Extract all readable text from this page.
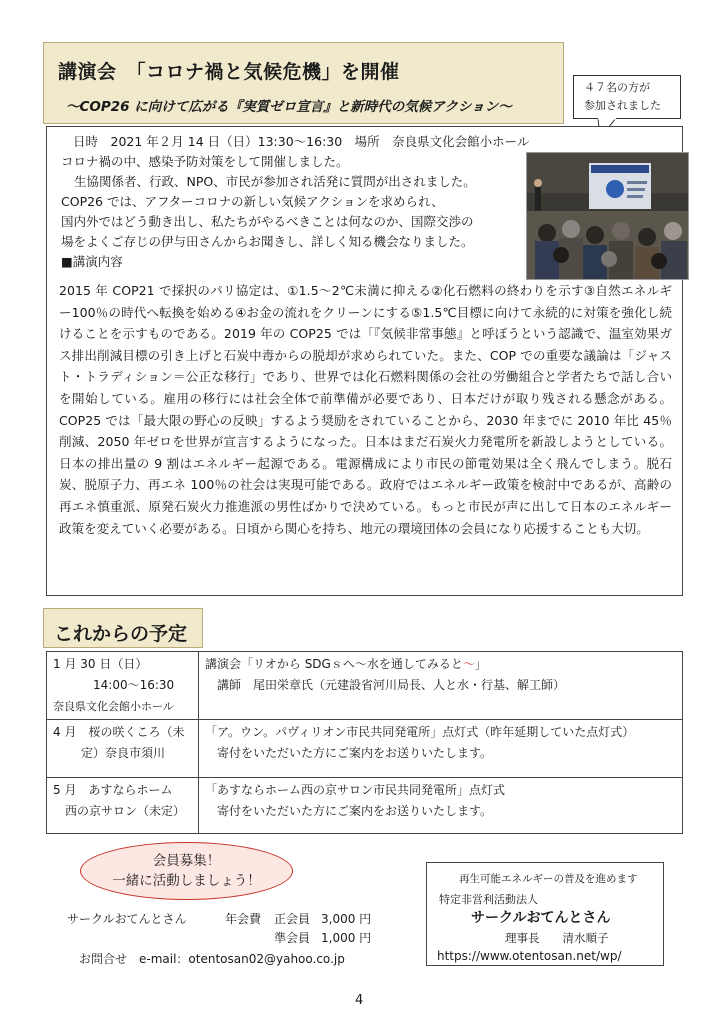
講演会　「コロナ禍と気候危機」を開催
～COP26 に向けて広がる『実質ゼロ宣言』と新時代の気候アクション～
４７名の方が
参加されました
日時　2021 年２月 14 日（日）13:30～16:30　場所　奈良県文化会館小ホール
コロナ禍の中、感染予防対策をして開催しました。
生協関係者、行政、NPO、市民が参加され活発に質問が出されました。
COP26 では、アフターコロナの新しい気候アクションを求められ、
国内外ではどう動き出し、私たちがやるべきことは何なのか、国際交渉の
場をよくご存じの伊与田さんからお聞きし、詳しく知る機会なりました。
■講演内容
2015 年 COP21 で採択のパリ協定は、①1.5～2℃未満に抑える②化石燃料の終わりを示す③自然エネルギー100％の時代へ転換を始める④お金の流れをクリーンにする⑤1.5℃目標に向けて永続的に対策を強化し続けることを示すものである。2019 年の COP25 では「『気候非常事態』と呼ぼうという認識で、温室効果ガス排出削減目標の引き上げと石炭中毒からの脱却が求められていた。また、COP での重要な議論は「ジャスト・トラディション＝公正な移行」であり、世界では化石燃料関係の会社の労働組合と学者たちで話し合いを開始している。雇用の移行には社会全体で前準備が必要であり、日本だけが取り残される懸念がある。COP25 では「最大限の野心の反映」するよう奨励をされていることから、2030 年までに 2010 年比 45％削減、2050 年ゼロを世界が宣言するようになった。日本はまだ石炭火力発電所を新設しようとしている。日本の排出量の 9 割はエネルギー起源である。電源構成により市民の節電効果は全く飛んでしまう。脱石炭、脱原子力、再エネ 100％の社会は実現可能である。政府ではエネルギー政策を検討中であるが、高齢の再エネ慎重派、原発石炭火力推進派の男性ばかりで決めている。もっと市民が声に出して日本のエネルギー政策を変えていく必要がある。日頃から関心を持ち、地元の環境団体の会員になり応援することも大切。
これからの予定
1 月 30 日（日）
14:00～16:30
奈良県文化会館小ホール	講演会「リオから SDGｓへ～水を通してみると～」
講師　尾田栄章氏（元建設省河川局長、人と水・行基、解工師）

4 月　桜の咲くころ（未
定）奈良市須川	「ア。ウン。パヴィリオン市民共同発電所」点灯式（昨年延期していた点灯式）
寄付をいただいた方にご案内をお送りいたします。

5 月　あすならホーム
西の京サロン（未定）	「あすならホーム西の京サロン市民共同発電所」点灯式
寄付をいただいた方にご案内をお送りいたします。
会員募集！
一緒に活動しましょう！
サークルおてんとさん	年会費 正会員 3,000 円
準会員 1,000 円
お問合せ　e-mail：otentosan02@yahoo.co.jp
再生可能エネルギーの普及を進めます
特定非営利活動法人
サークルおてんとさん
理事長　　清水順子
https://www.otentosan.net/wp/
4
